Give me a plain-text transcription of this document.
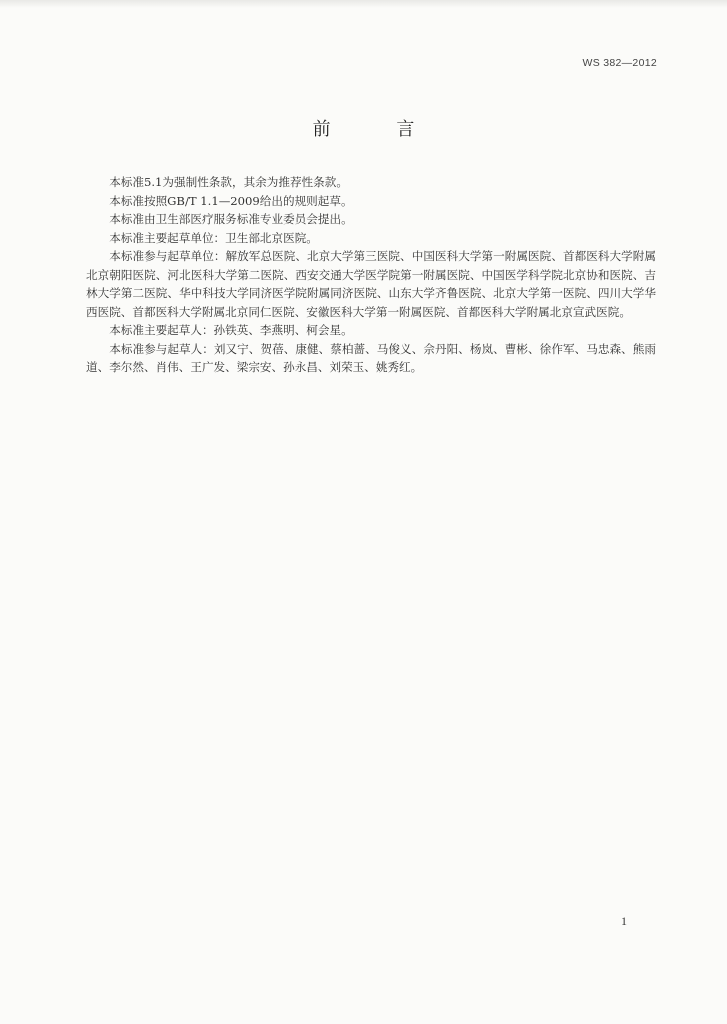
WS 382—2012
前 言

本标准5.1为强制性条款，其余为推荐性条款。

本标准按照GB/T 1.1—2009给出的规则起草。

本标准由卫生部医疗服务标准专业委员会提出。

本标准主要起草单位：卫生部北京医院。

本标准参与起草单位：解放军总医院、北京大学第三医院、中国医科大学第一附属医院、首都医科大学附属北京朝阳医院、河北医科大学第二医院、西安交通大学医学院第一附属医院、中国医学科学院北京协和医院、吉林大学第二医院、华中科技大学同济医学院附属同济医院、山东大学齐鲁医院、北京大学第一医院、四川大学华西医院、首都医科大学附属北京同仁医院、安徽医科大学第一附属医院、首都医科大学附属北京宣武医院。

本标准主要起草人：孙铁英、李燕明、柯会星。

本标准参与起草人：刘又宁、贺蓓、康健、蔡柏蔷、马俊义、佘丹阳、杨岚、曹彬、徐作军、马忠森、熊雨道、李尔然、肖伟、王广发、梁宗安、孙永昌、刘荣玉、姚秀红。

1
